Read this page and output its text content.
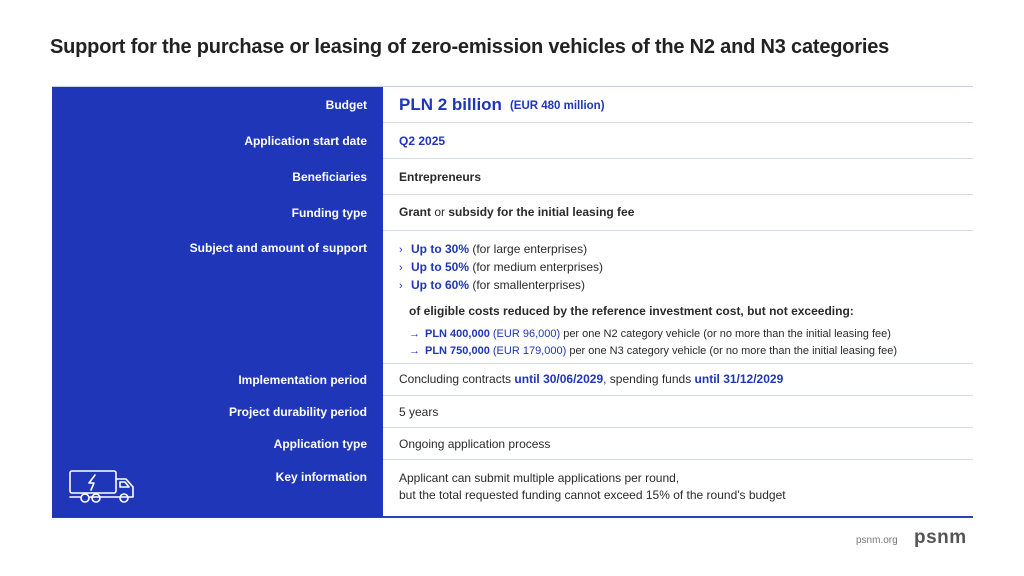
Support for the purchase or leasing of zero-emission vehicles of the N2 and N3 categories
Budget	PLN 2 billion (EUR 480 million)
Application start date	Q2 2025
Beneficiaries	Entrepreneurs
Funding type	Grant or subsidy for the initial leasing fee
Subject and amount of support	› Up to 30% (for large enterprises)
› Up to 50% (for medium enterprises)
› Up to 60% (for smallenterprises)
of eligible costs reduced by the reference investment cost, but not exceeding:
→ PLN 400,000 (EUR 96,000) per one N2 category vehicle (or no more than the initial leasing fee)
→ PLN 750,000 (EUR 179,000) per one N3 category vehicle (or no more than the initial leasing fee)
Implementation period	Concluding contracts until 30/06/2029, spending funds until 31/12/2029
Project durability period	5 years
Application type	Ongoing application process
Key information	Applicant can submit multiple applications per round,
but the total requested funding cannot exceed 15% of the round's budget
psnm.org psnm
